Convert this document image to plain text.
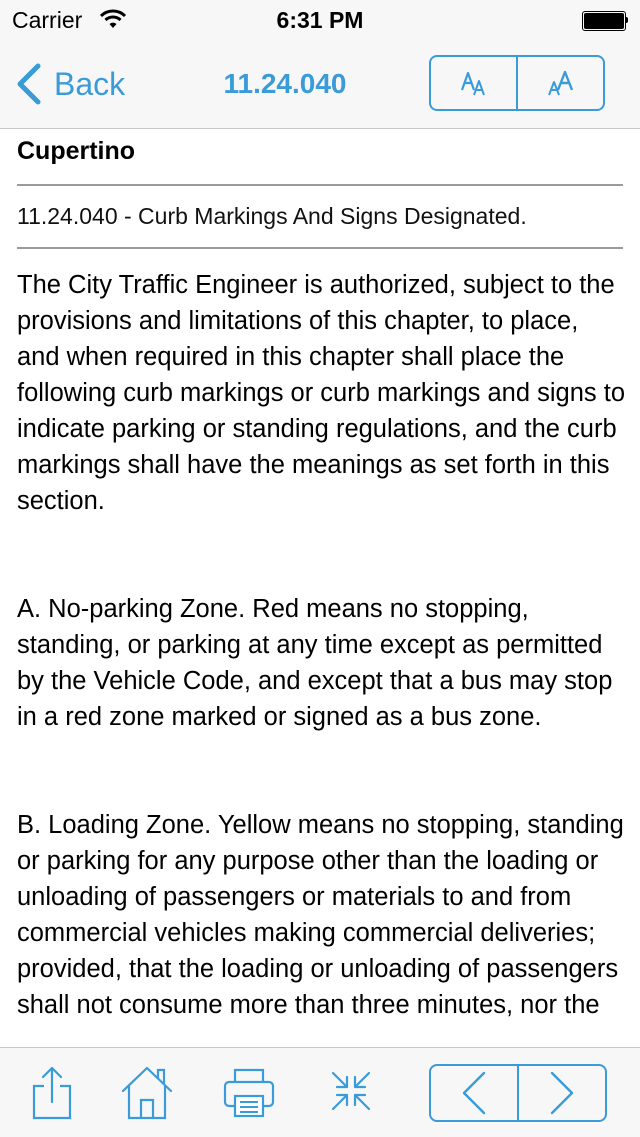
Carrier	6:31 PM
Back	11.24.040
Cupertino
11.24.040 - Curb Markings And Signs Designated.
The City Traffic Engineer is authorized, subject to the provisions and limitations of this chapter, to place, and when required in this chapter shall place the following curb markings or curb markings and signs to indicate parking or standing regulations, and the curb markings shall have the meanings as set forth in this section.
A. No-parking Zone. Red means no stopping, standing, or parking at any time except as permitted by the Vehicle Code, and except that a bus may stop in a red zone marked or signed as a bus zone.
B. Loading Zone. Yellow means no stopping, standing or parking for any purpose other than the loading or unloading of passengers or materials to and from commercial vehicles making commercial deliveries; provided, that the loading or unloading of passengers shall not consume more than three minutes, nor the
